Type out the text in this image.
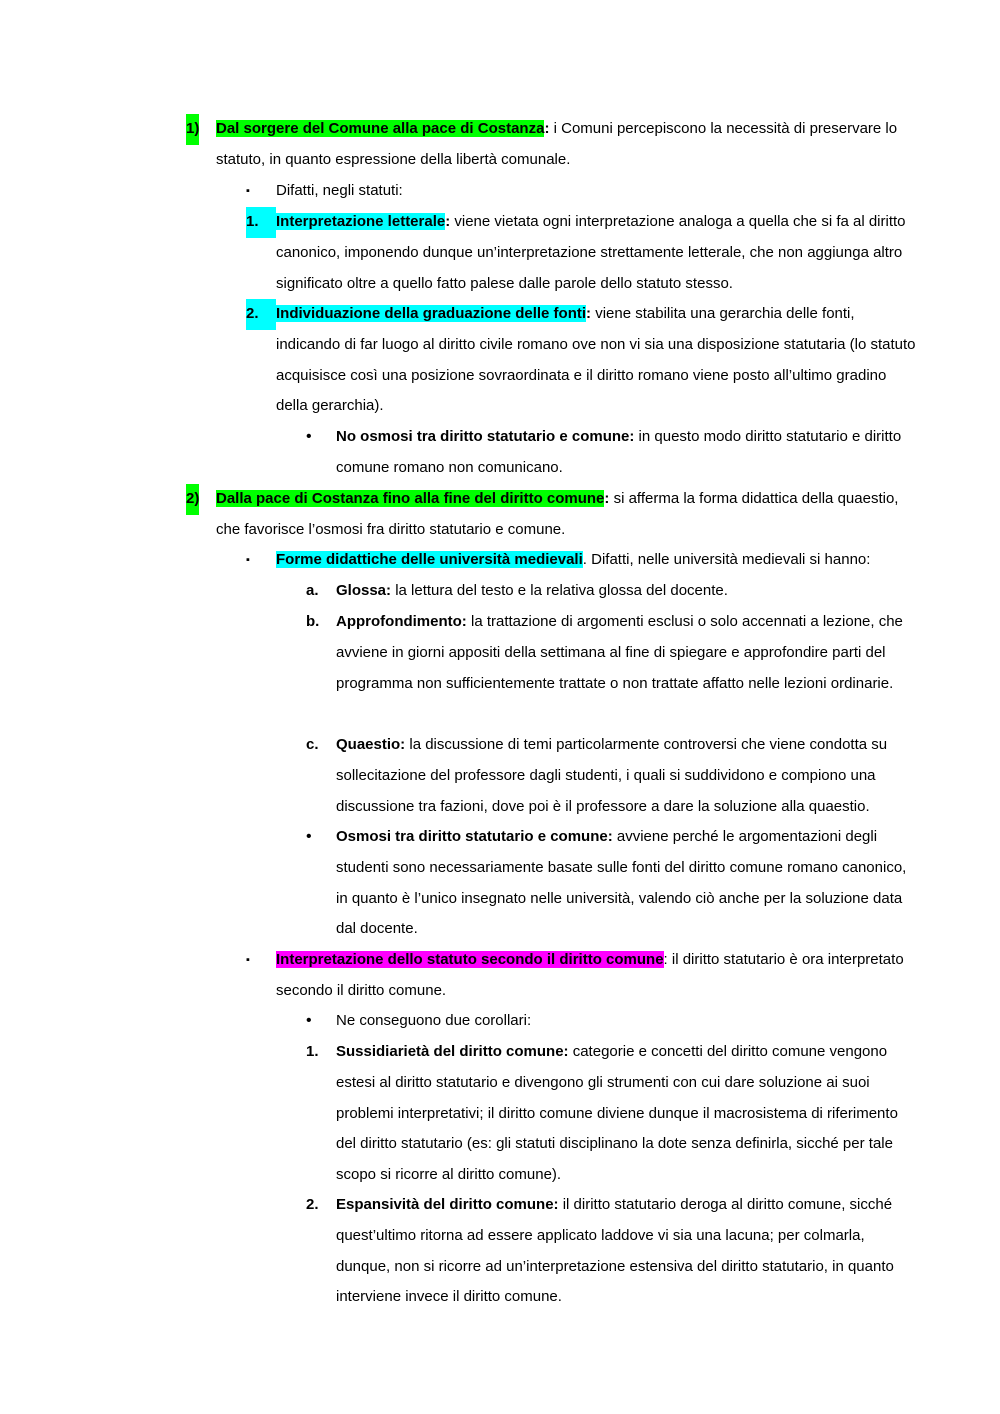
1) Dal sorgere del Comune alla pace di Costanza: i Comuni percepiscono la necessità di preservare lo statuto, in quanto espressione della libertà comunale.
▪ Difatti, negli statuti:
1.	Interpretazione letterale: viene vietata ogni interpretazione analoga a quella che si fa al diritto canonico, imponendo dunque un’interpretazione strettamente letterale, che non aggiunga altro significato oltre a quello fatto palese dalle parole dello statuto stesso.
2.	Individuazione della graduazione delle fonti: viene stabilita una gerarchia delle fonti, indicando di far luogo al diritto civile romano ove non vi sia una disposizione statutaria (lo statuto acquisisce così una posizione sovraordinata e il diritto romano viene posto all’ultimo gradino della gerarchia).
• No osmosi tra diritto statutario e comune: in questo modo diritto statutario e diritto comune romano non comunicano.
2) Dalla pace di Costanza fino alla fine del diritto comune: si afferma la forma didattica della quaestio, che favorisce l’osmosi fra diritto statutario e comune.
▪ Forme didattiche delle università medievali. Difatti, nelle università medievali si hanno:
a. Glossa: la lettura del testo e la relativa glossa del docente.
b. Approfondimento: la trattazione di argomenti esclusi o solo accennati a lezione, che avviene in giorni appositi della settimana al fine di spiegare e approfondire parti del programma non sufficientemente trattate o non trattate affatto nelle lezioni ordinarie.
c. Quaestio: la discussione di temi particolarmente controversi che viene condotta su sollecitazione del professore dagli studenti, i quali si suddividono e compiono una discussione tra fazioni, dove poi è il professore a dare la soluzione alla quaestio.
• Osmosi tra diritto statutario e comune: avviene perché le argomentazioni degli studenti sono necessariamente basate sulle fonti del diritto comune romano canonico, in quanto è l’unico insegnato nelle università, valendo ciò anche per la soluzione data dal docente.
▪ Interpretazione dello statuto secondo il diritto comune: il diritto statutario è ora interpretato secondo il diritto comune.
• Ne conseguono due corollari:
1. Sussidiarietà del diritto comune: categorie e concetti del diritto comune vengono estesi al diritto statutario e divengono gli strumenti con cui dare soluzione ai suoi problemi interpretativi; il diritto comune diviene dunque il macrosistema di riferimento del diritto statutario (es: gli statuti disciplinano la dote senza definirla, sicché per tale scopo si ricorre al diritto comune).
2. Espansività del diritto comune: il diritto statutario deroga al diritto comune, sicché quest’ultimo ritorna ad essere applicato laddove vi sia una lacuna; per colmarla, dunque, non si ricorre ad un’interpretazione estensiva del diritto statutario, in quanto interviene invece il diritto comune.
